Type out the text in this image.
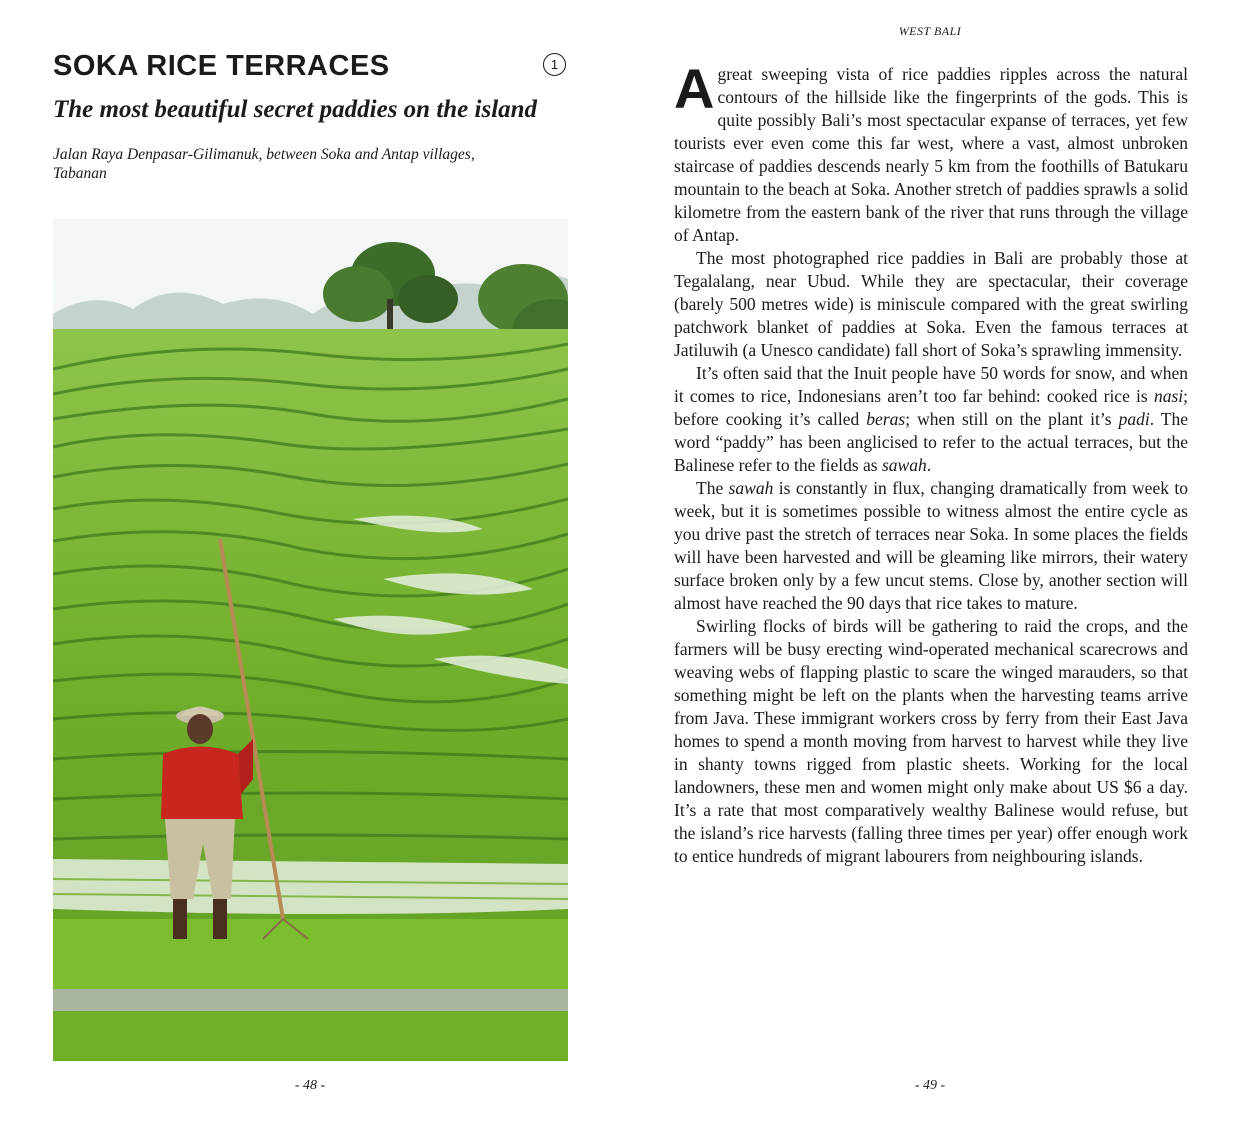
SOKA RICE TERRACES	1
The most beautiful secret paddies on the island

Jalan Raya Denpasar-Gilimanuk, between Soka and Antap villages, Tabanan

- 48 -
WEST BALI

A great sweeping vista of rice paddies ripples across the natural contours of the hillside like the fingerprints of the gods. This is quite possibly Bali’s most spectacular expanse of terraces, yet few tourists ever even come this far west, where a vast, almost unbroken staircase of paddies descends nearly 5 km from the foothills of Batukaru mountain to the beach at Soka. Another stretch of paddies sprawls a solid kilometre from the eastern bank of the river that runs through the village of Antap.

The most photographed rice paddies in Bali are probably those at Tegalalang, near Ubud. While they are spectacular, their coverage (barely 500 metres wide) is miniscule compared with the great swirling patchwork blanket of paddies at Soka. Even the famous terraces at Jatiluwih (a Unesco candidate) fall short of Soka’s sprawling immensity.

It’s often said that the Inuit people have 50 words for snow, and when it comes to rice, Indonesians aren’t too far behind: cooked rice is nasi; before cooking it’s called beras; when still on the plant it’s padi. The word “paddy” has been anglicised to refer to the actual terraces, but the Balinese refer to the fields as sawah.

The sawah is constantly in flux, changing dramatically from week to week, but it is sometimes possible to witness almost the entire cycle as you drive past the stretch of terraces near Soka. In some places the fields will have been harvested and will be gleaming like mirrors, their watery surface broken only by a few uncut stems. Close by, another section will almost have reached the 90 days that rice takes to mature.

Swirling flocks of birds will be gathering to raid the crops, and the farmers will be busy erecting wind-operated mechanical scarecrows and weaving webs of flapping plastic to scare the winged marauders, so that something might be left on the plants when the harvesting teams arrive from Java. These immigrant workers cross by ferry from their East Java homes to spend a month moving from harvest to harvest while they live in shanty towns rigged from plastic sheets. Working for the local landowners, these men and women might only make about US $6 a day. It’s a rate that most comparatively wealthy Balinese would refuse, but the island’s rice harvests (falling three times per year) offer enough work to entice hundreds of migrant labourers from neighbouring islands.

- 49 -
